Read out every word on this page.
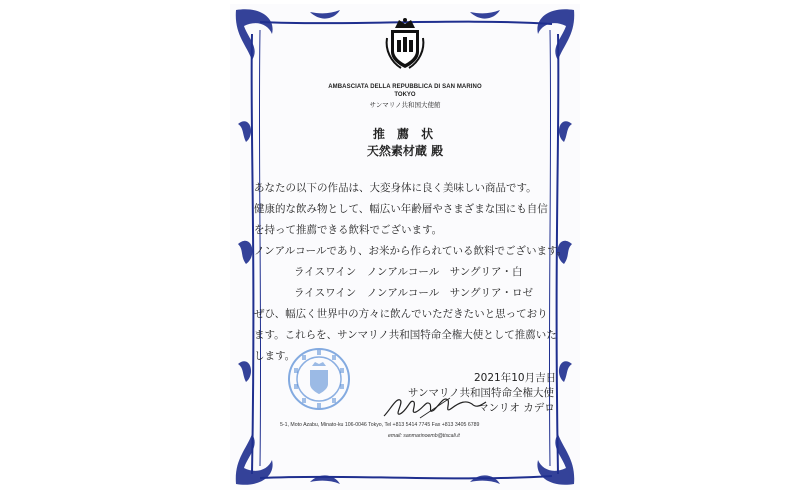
AMBASCIATA DELLA REPUBBLICA DI SAN MARINO
TOKYO
サンマリノ共和国大使館
推 薦 状
天然素材蔵 殿
あなたの以下の作品は、大変身体に良く美味しい商品です。
健康的な飲み物として、幅広い年齢層やさまざまな国にも自信
を持って推薦できる飲料でございます。
ノンアルコールであり、お米から作られている飲料でございます。
ライスワイン　ノンアルコール　サングリア・白
ライスワイン　ノンアルコール　サングリア・ロゼ
ぜひ、幅広く世界中の方々に飲んでいただきたいと思っており
ます。これらを、サンマリノ共和国特命全権大使として推薦いた
します。
2021年10月吉日
サンマリノ共和国特命全権大使
マンリオ カデロ
5-1, Moto Azabu, Minato-ku 106-0046 Tokyo, Tel +813 5414 7745 Fax +813 3405 6789
email: sanmarinoemb@tiscali.it
